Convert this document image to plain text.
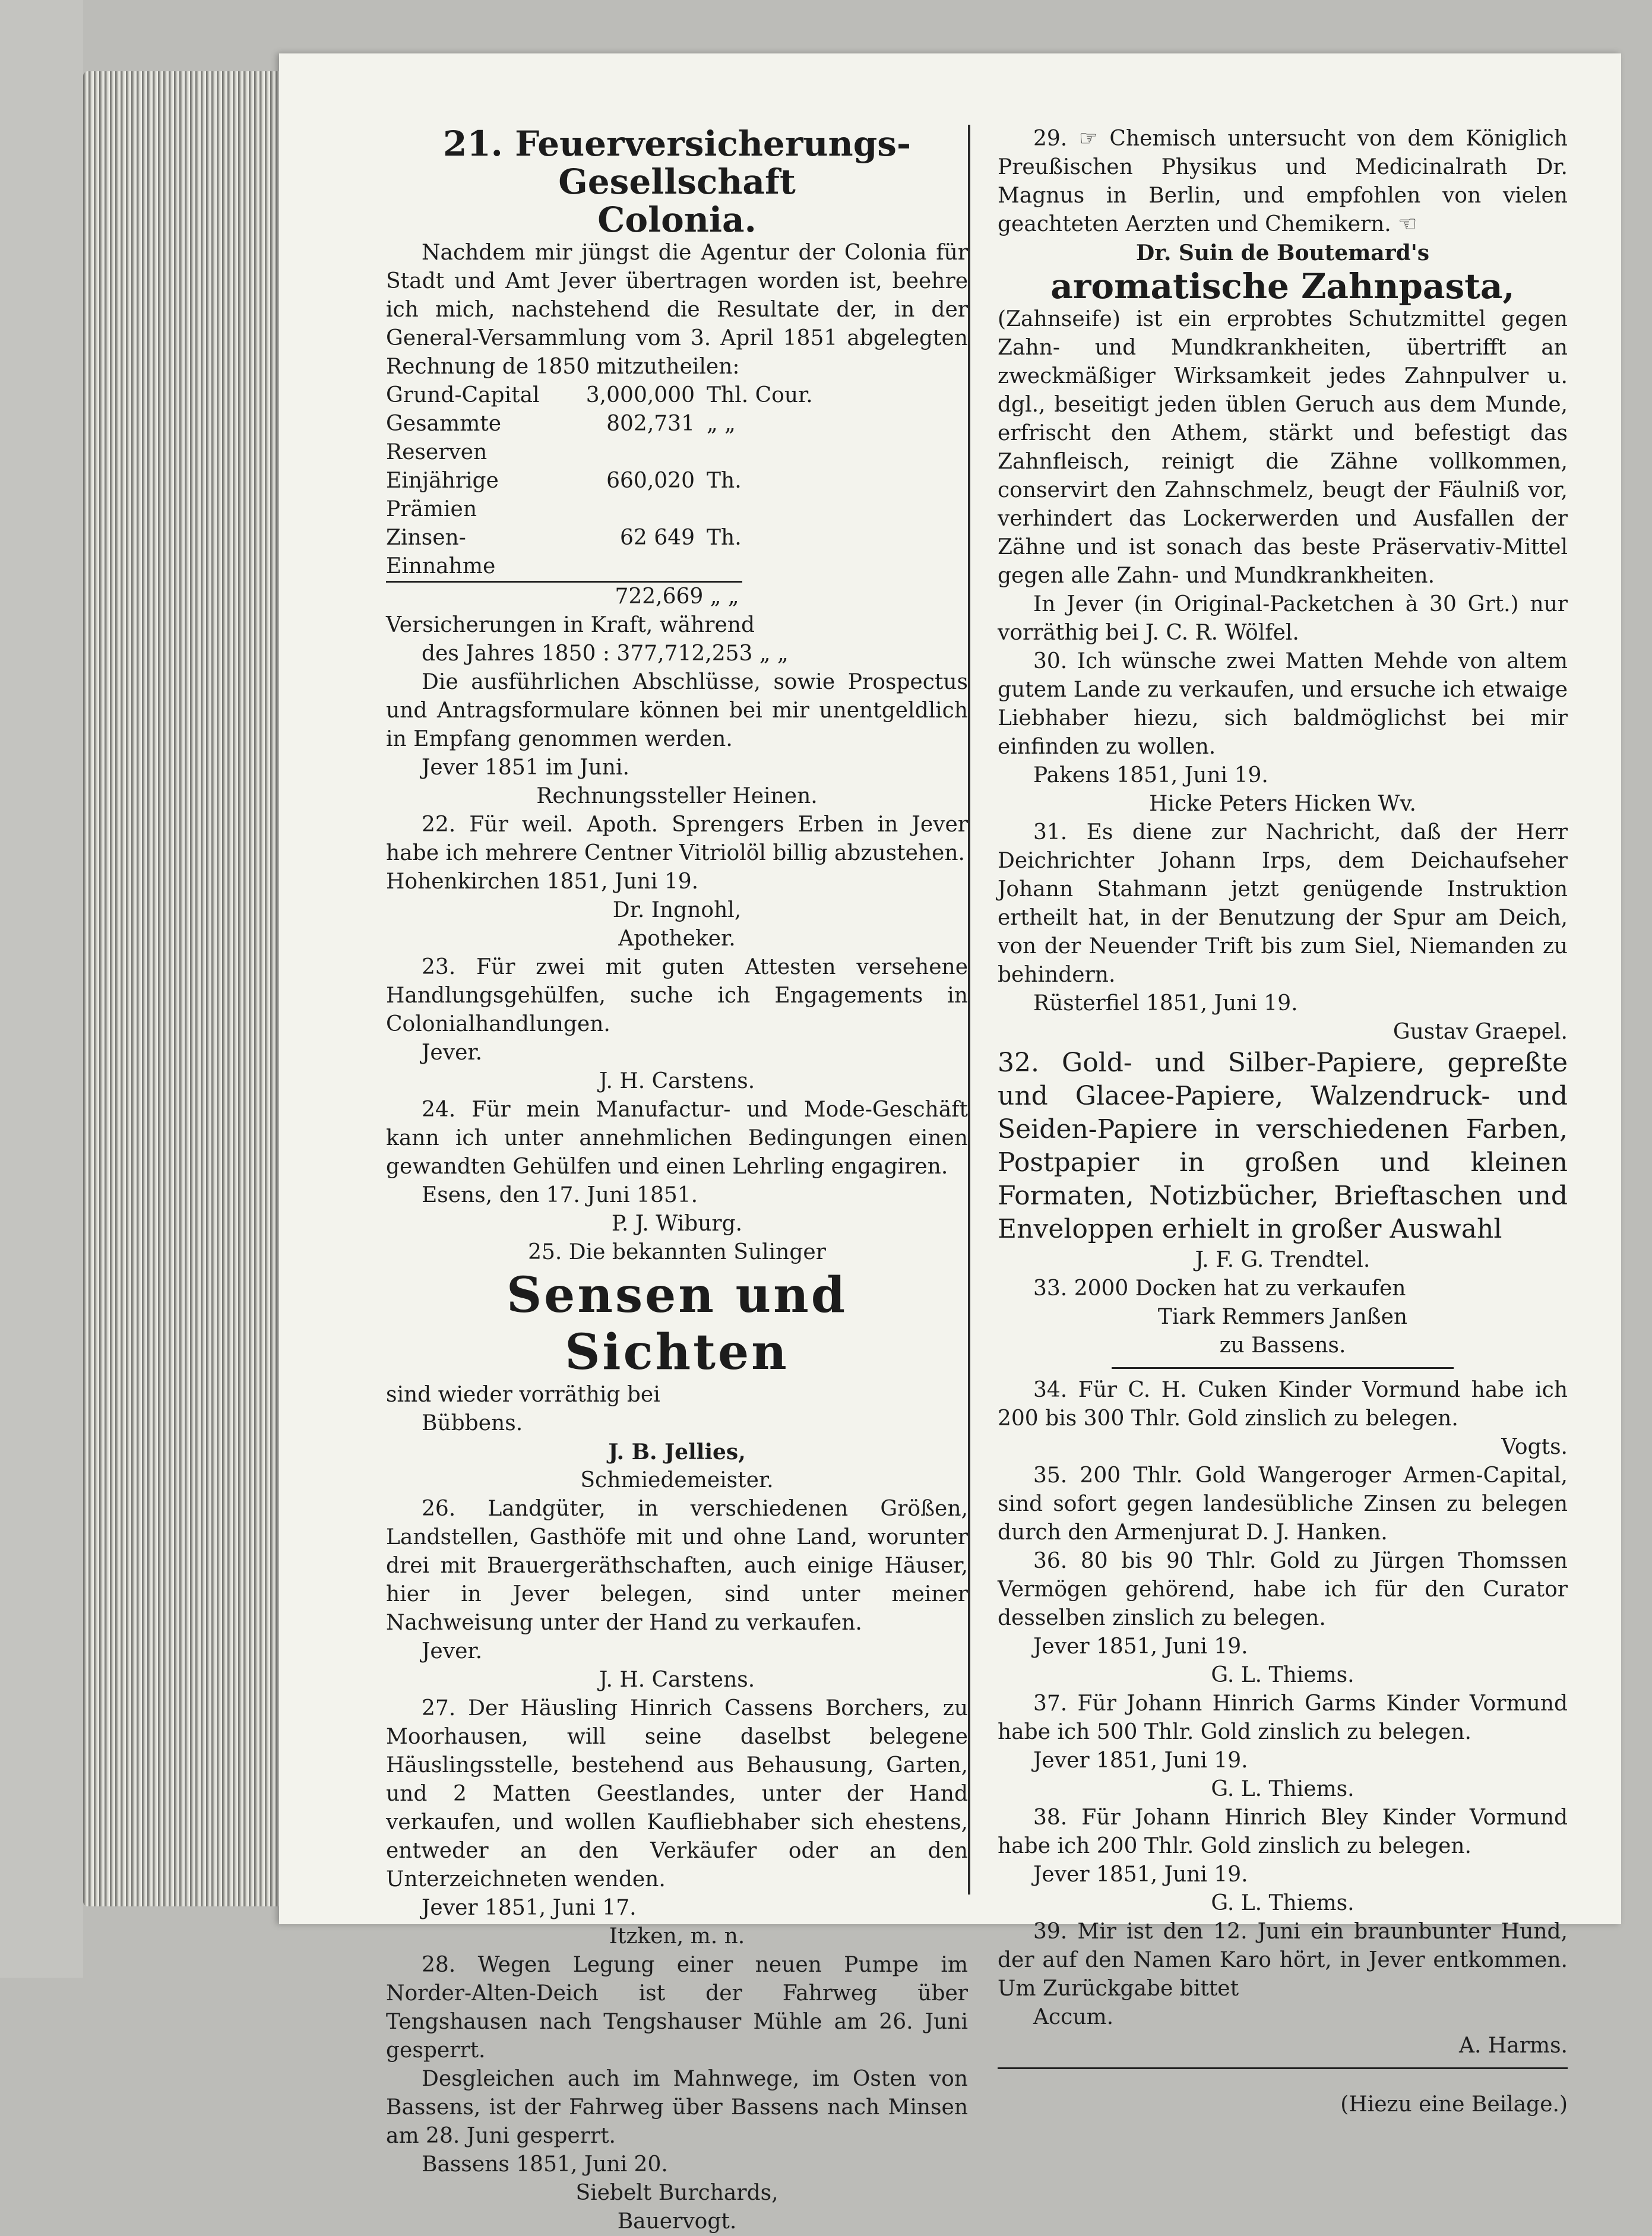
21. Feuerversicherungs-Gesellschaft
Colonia.

Nachdem mir jüngst die Agentur der Colonia für Stadt und Amt Jever übertragen worden ist, beehre ich mich, nachstehend die Resultate der, in der General-Versammlung vom 3. April 1851 abgelegten Rechnung de 1850 mitzutheilen:

Grund-Capital	3,000,000 Thl. Cour.
Gesammte Reserven
802,731 „ „
Einjährige Prämien
660,020 Th.
Zinsen-Einnahme
62 649 Th.

722,669 „ „

Versicherungen in Kraft, während

des Jahres 1850 : 377,712,253 „ „

Die ausführlichen Abschlüsse, sowie Prospectus und Antragsformulare können bei mir unentgeldlich in Empfang genommen werden.

Jever 1851 im Juni.

Rechnungssteller Heinen.

22. Für weil. Apoth. Sprengers Erben in Jever habe ich mehrere Centner Vitriolöl billig abzustehen.

Hohenkirchen 1851, Juni 19.

Dr. Ingnohl,

Apotheker.

23. Für zwei mit guten Attesten versehene Handlungsgehülfen, suche ich Engagements in Colonialhandlungen.

Jever.

J. H. Carstens.

24. Für mein Manufactur- und Mode-Geschäft kann ich unter annehmlichen Bedingungen einen gewandten Gehülfen und einen Lehrling engagiren.

Esens, den 17. Juni 1851.

P. J. Wiburg.

25. Die bekannten Sulinger

Sensen und Sichten

sind wieder vorräthig bei

Bübbens.

J. B. Jellies,

Schmiedemeister.

26. Landgüter, in verschiedenen Größen, Landstellen, Gasthöfe mit und ohne Land, worunter drei mit Brauergeräthschaften, auch einige Häuser, hier in Jever belegen, sind unter meiner Nachweisung unter der Hand zu verkaufen.

Jever.

J. H. Carstens.

27. Der Häusling Hinrich Cassens Borchers, zu Moorhausen, will seine daselbst belegene Häuslingsstelle, bestehend aus Behausung, Garten, und 2 Matten Geestlandes, unter der Hand verkaufen, und wollen Kaufliebhaber sich ehestens, entweder an den Verkäufer oder an den Unterzeichneten wenden.

Jever 1851, Juni 17.

Itzken, m. n.

28. Wegen Legung einer neuen Pumpe im Norder-Alten-Deich ist der Fahrweg über Tengshausen nach Tengshauser Mühle am 26. Juni gesperrt.

Desgleichen auch im Mahnwege, im Osten von Bassens, ist der Fahrweg über Bassens nach Minsen am 28. Juni gesperrt.

Bassens 1851, Juni 20.

Siebelt Burchards,

Bauervogt.

29. ☞ Chemisch untersucht von dem Königlich Preußischen Physikus und Medicinalrath Dr. Magnus in Berlin, und empfohlen von vielen geachteten Aerzten und Chemikern. ☜

Dr. Suin de Boutemard's

aromatische Zahnpasta,

(Zahnseife) ist ein erprobtes Schutzmittel gegen Zahn- und Mundkrankheiten, übertrifft an zweckmäßiger Wirksamkeit jedes Zahnpulver u. dgl., beseitigt jeden üblen Geruch aus dem Munde, erfrischt den Athem, stärkt und befestigt das Zahnfleisch, reinigt die Zähne vollkommen, conservirt den Zahnschmelz, beugt der Fäulniß vor, verhindert das Lockerwerden und Ausfallen der Zähne und ist sonach das beste Präservativ-Mittel gegen alle Zahn- und Mundkrankheiten.

In Jever (in Original-Packetchen à 30 Grt.) nur vorräthig bei J. C. R. Wölfel.

30. Ich wünsche zwei Matten Mehde von altem gutem Lande zu verkaufen, und ersuche ich etwaige Liebhaber hiezu, sich baldmöglichst bei mir einfinden zu wollen.

Pakens 1851, Juni 19.

Hicke Peters Hicken Wv.

31. Es diene zur Nachricht, daß der Herr Deichrichter Johann Irps, dem Deichaufseher Johann Stahmann jetzt genügende Instruktion ertheilt hat, in der Benutzung der Spur am Deich, von der Neuender Trift bis zum Siel, Niemanden zu behindern.

Rüsterfiel 1851, Juni 19.

Gustav Graepel.

32. Gold- und Silber-Papiere, gepreßte und Glacee-Papiere, Walzendruck- und Seiden-Papiere in verschiedenen Farben, Postpapier in großen und kleinen Formaten, Notizbücher, Brieftaschen und Enveloppen erhielt in großer Auswahl

J. F. G. Trendtel.

33. 2000 Docken hat zu verkaufen

Tiark Remmers Janßen

zu Bassens.

34. Für C. H. Cuken Kinder Vormund habe ich 200 bis 300 Thlr. Gold zinslich zu belegen.

Vogts.

35. 200 Thlr. Gold Wangeroger Armen-Capital, sind sofort gegen landesübliche Zinsen zu belegen durch den Armenjurat D. J. Hanken.

36. 80 bis 90 Thlr. Gold zu Jürgen Thomssen Vermögen gehörend, habe ich für den Curator desselben zinslich zu belegen.

Jever 1851, Juni 19.

G. L. Thiems.

37. Für Johann Hinrich Garms Kinder Vormund habe ich 500 Thlr. Gold zinslich zu belegen.

Jever 1851, Juni 19.

G. L. Thiems.

38. Für Johann Hinrich Bley Kinder Vormund habe ich 200 Thlr. Gold zinslich zu belegen.

Jever 1851, Juni 19.

G. L. Thiems.

39. Mir ist den 12. Juni ein braunbunter Hund, der auf den Namen Karo hört, in Jever entkommen. Um Zurückgabe bittet

Accum.

A. Harms.

(Hiezu eine Beilage.)
